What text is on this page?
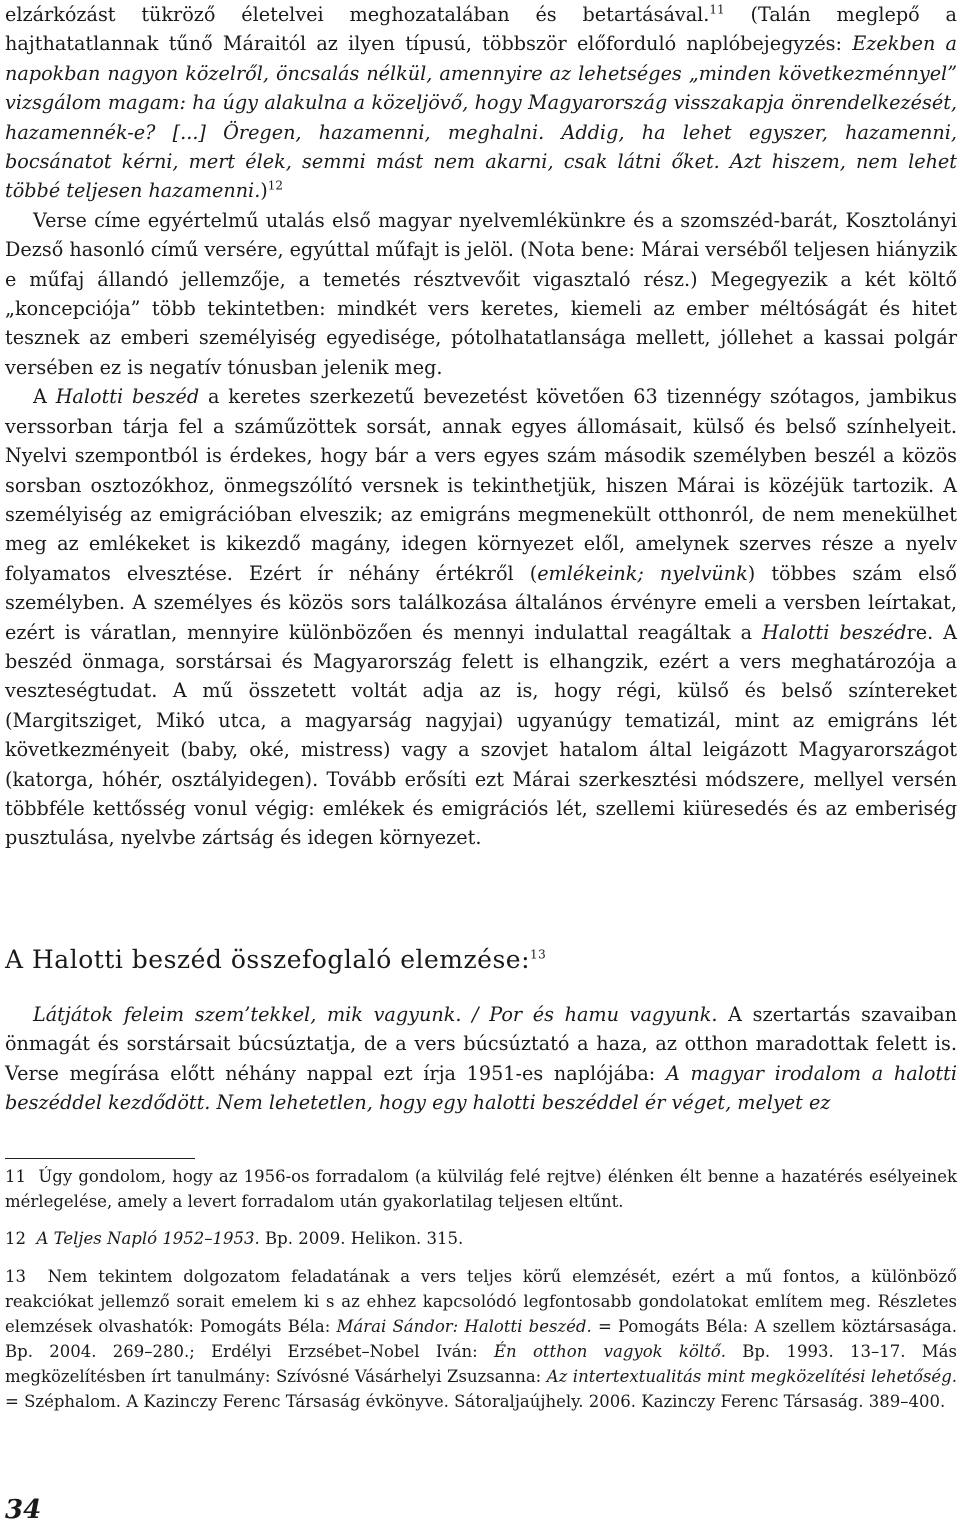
elzárkózást tükröző életelvei meghozatalában és betartásával.$^{11}$ (Talán meglepő a hajthatatlannak tűnő Máraitól az ilyen típusú, többször előforduló naplóbejegyzés: Ezekben a napokban nagyon közelről, öncsalás nélkül, amennyire az lehetséges „minden következménnyel” vizsgálom magam: ha úgy alakulna a közeljövő, hogy Magyarország visszakapja önrendelkezését, hazamennék-e? [...] Öregen, hazamenni, meghalni. Addig, ha lehet egyszer, hazamenni, bocsánatot kérni, mert élek, semmi mást nem akarni, csak látni őket. Azt hiszem, nem lehet többé teljesen hazamenni.)$^{12}$

Verse címe egyértelmű utalás első magyar nyelvemlékünkre és a szomszéd-barát, Kosztolányi Dezső hasonló című versére, egyúttal műfajt is jelöl. (Nota bene: Márai verséből teljesen hiányzik e műfaj állandó jellemzője, a temetés résztvevőit vigasztaló rész.) Megegyezik a két költő „koncepciója” több tekintetben: mindkét vers keretes, kiemeli az ember méltóságát és hitet tesznek az emberi személyiség egyedisége, pótolhatatlansága mellett, jóllehet a kassai polgár versében ez is negatív tónusban jelenik meg.

A Halotti beszéd a keretes szerkezetű bevezetést követően 63 tizennégy szótagos, jambikus verssorban tárja fel a száműzöttek sorsát, annak egyes állomásait, külső és belső színhelyeit. Nyelvi szempontból is érdekes, hogy bár a vers egyes szám második személyben beszél a közös sorsban osztozókhoz, önmegszólító versnek is tekinthetjük, hiszen Márai is közéjük tartozik. A személyiség az emigrációban elveszik; az emigráns megmenekült otthonról, de nem menekülhet meg az emlékeket is kikezdő magány, idegen környezet elől, amelynek szerves része a nyelv folyamatos elvesztése. Ezért ír néhány értékről (emlékeink; nyelvünk) többes szám első személyben. A személyes és közös sors találkozása általános érvényre emeli a versben leírtakat, ezért is váratlan, mennyire különbözően és mennyi indulattal reagáltak a Halotti beszédre. A beszéd önmaga, sorstársai és Magyarország felett is elhangzik, ezért a vers meghatározója a veszteségtudat. A mű összetett voltát adja az is, hogy régi, külső és belső színtereket (Margitsziget, Mikó utca, a magyarság nagyjai) ugyanúgy tematizál, mint az emigráns lét következményeit (baby, oké, mistress) vagy a szovjet hatalom által leigázott Magyarországot (katorga, hóhér, osztályidegen). Tovább erősíti ezt Márai szerkesztési módszere, mellyel versén többféle kettősség vonul végig: emlékek és emigrációs lét, szellemi kiüresedés és az emberiség pusztulása, nyelvbe zártság és idegen környezet.

A Halotti beszéd összefoglaló elemzése:$^{13}$

Látjátok feleim szem’tekkel, mik vagyunk. / Por és hamu vagyunk. A szertartás szavaiban önmagát és sorstársait búcsúztatja, de a vers búcsúztató a haza, az otthon maradottak felett is. Verse megírása előtt néhány nappal ezt írja 1951-es naplójába: A magyar irodalom a halotti beszéddel kezdődött. Nem lehetetlen, hogy egy halotti beszéddel ér véget, melyet ez

11 Úgy gondolom, hogy az 1956-os forradalom (a külvilág felé rejtve) élénken élt benne a hazatérés esélyeinek mérlegelése, amely a levert forradalom után gyakorlatilag teljesen eltűnt.
12 A Teljes Napló 1952–1953. Bp. 2009. Helikon. 315.
13 Nem tekintem dolgozatom feladatának a vers teljes körű elemzését, ezért a mű fontos, a különböző reakciókat jellemző sorait emelem ki s az ehhez kapcsolódó legfontosabb gondolatokat említem meg. Részletes elemzések olvashatók: Pomogáts Béla: Márai Sándor: Halotti beszéd. = Pomogáts Béla: A szellem köztársasága. Bp. 2004. 269–280.; Erdélyi Erzsébet–Nobel Iván: Én otthon vagyok költő. Bp. 1993. 13–17. Más megközelítésben írt tanulmány: Szívósné Vásárhelyi Zsuzsanna: Az intertextualitás mint megközelítési lehetőség. = Széphalom. A Kazinczy Ferenc Társaság évkönyve. Sátoraljaújhely. 2006. Kazinczy Ferenc Társaság. 389–400.
34
